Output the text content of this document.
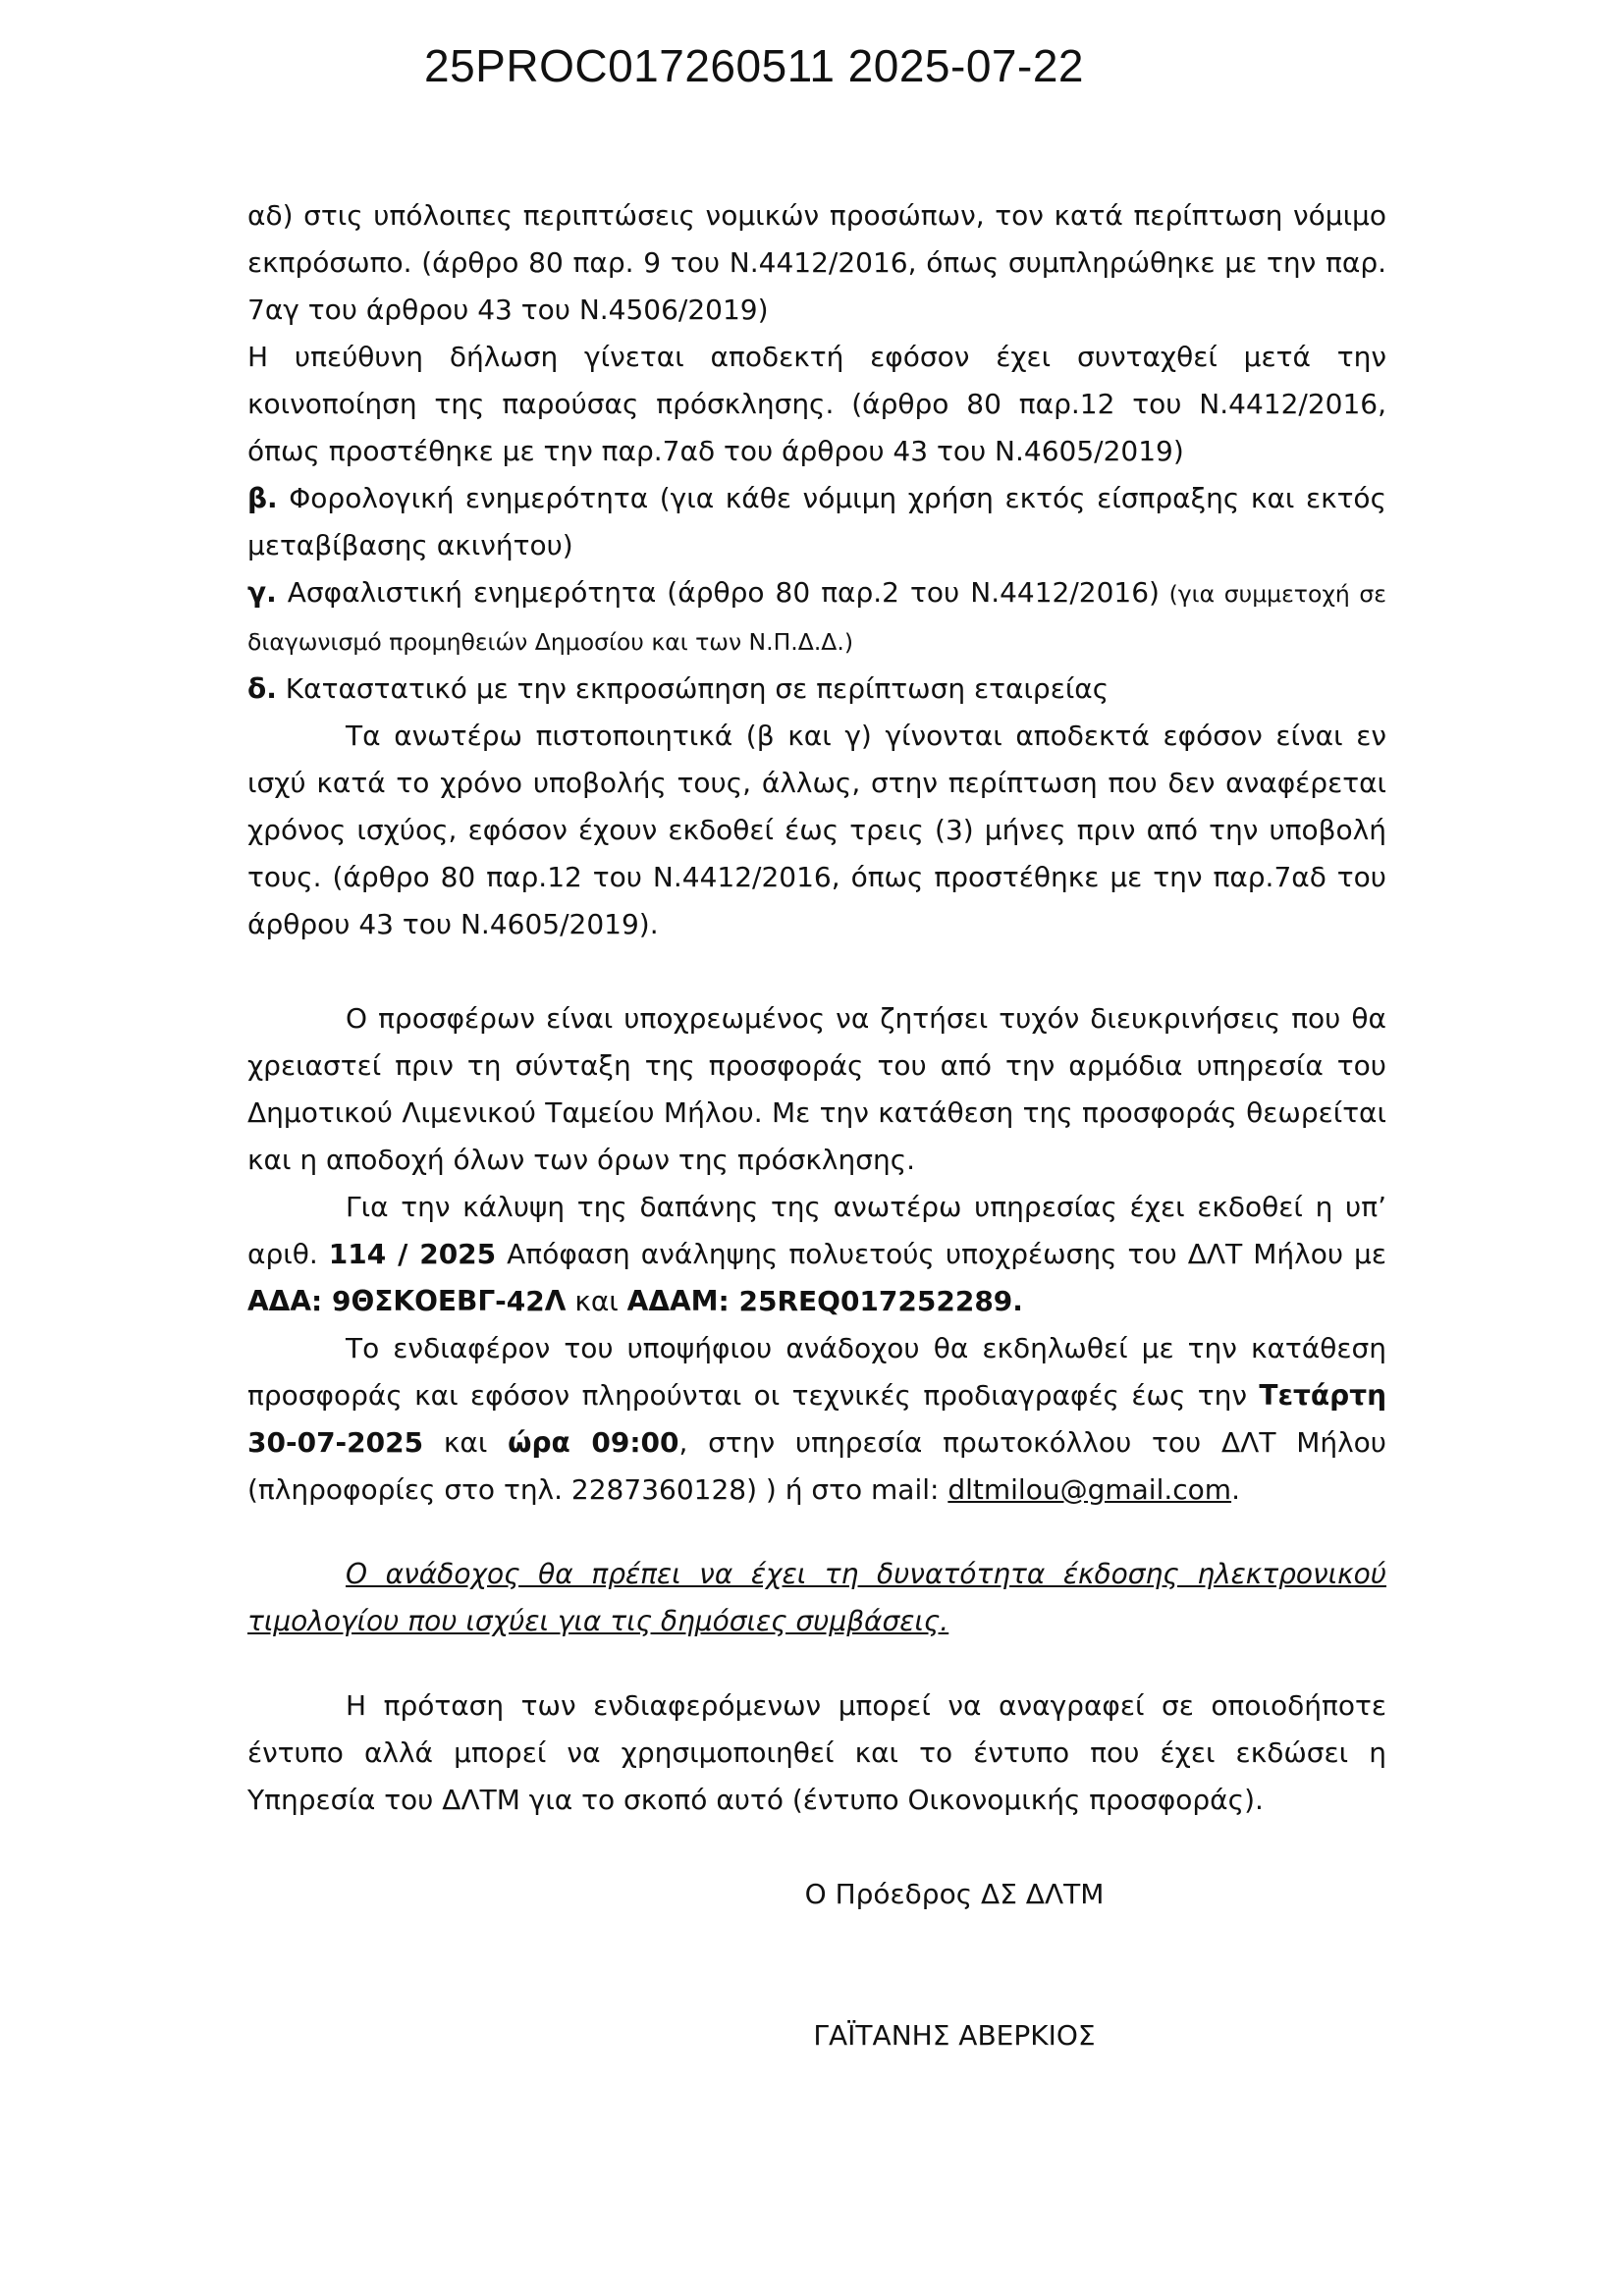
25PROC017260511 2025-07-22

αδ) στις υπόλοιπες περιπτώσεις νομικών προσώπων, τον κατά περίπτωση νόμιμο εκπρόσωπο. (άρθρο 80 παρ. 9 του Ν.4412/2016, όπως συμπληρώθηκε με την παρ. 7αγ του άρθρου 43 του Ν.4506/2019)

Η υπεύθυνη δήλωση γίνεται αποδεκτή εφόσον έχει συνταχθεί μετά την κοινοποίηση της παρούσας πρόσκλησης. (άρθρο 80 παρ.12 του Ν.4412/2016, όπως προστέθηκε με την παρ.7αδ του άρθρου 43 του Ν.4605/2019)

β. Φορολογική ενημερότητα (για κάθε νόμιμη χρήση εκτός είσπραξης και εκτός μεταβίβασης ακινήτου)

γ. Ασφαλιστική ενημερότητα (άρθρο 80 παρ.2 του Ν.4412/2016) (για συμμετοχή σε διαγωνισμό προμηθειών Δημοσίου και των Ν.Π.Δ.Δ.)

δ. Καταστατικό με την εκπροσώπηση σε περίπτωση εταιρείας

Τα ανωτέρω πιστοποιητικά (β και γ) γίνονται αποδεκτά εφόσον είναι εν ισχύ κατά το χρόνο υποβολής τους, άλλως, στην περίπτωση που δεν αναφέρεται χρόνος ισχύος, εφόσον έχουν εκδοθεί έως τρεις (3) μήνες πριν από την υποβολή τους. (άρθρο 80 παρ.12 του Ν.4412/2016, όπως προστέθηκε με την παρ.7αδ του άρθρου 43 του Ν.4605/2019).

Ο προσφέρων είναι υποχρεωμένος να ζητήσει τυχόν διευκρινήσεις που θα χρειαστεί πριν τη σύνταξη της προσφοράς του από την αρμόδια υπηρεσία του Δημοτικού Λιμενικού Ταμείου Μήλου. Με την κατάθεση της προσφοράς θεωρείται και η αποδοχή όλων των όρων της πρόσκλησης.

Για την κάλυψη της δαπάνης της ανωτέρω υπηρεσίας έχει εκδοθεί η υπ’ αριθ. 114 / 2025 Απόφαση ανάληψης πολυετούς υποχρέωσης του ΔΛΤ Μήλου με ΑΔΑ: 9ΘΣΚΟΕΒΓ-42Λ και ΑΔΑΜ: 25REQ017252289.

Το ενδιαφέρον του υποψήφιου ανάδοχου θα εκδηλωθεί με την κατάθεση προσφοράς και εφόσον πληρούνται οι τεχνικές προδιαγραφές έως την Τετάρτη 30-07-2025 και ώρα 09:00, στην υπηρεσία πρωτοκόλλου του ΔΛΤ Μήλου (πληροφορίες στο τηλ. 2287360128) ) ή στο mail: dltmilou@gmail.com.

Ο ανάδοχος θα πρέπει να έχει τη δυνατότητα έκδοσης ηλεκτρονικού τιμολογίου που ισχύει για τις δημόσιες συμβάσεις.

Η πρόταση των ενδιαφερόμενων μπορεί να αναγραφεί σε οποιοδήποτε έντυπο αλλά μπορεί να χρησιμοποιηθεί και το έντυπο που έχει εκδώσει η Υπηρεσία του ΔΛΤΜ για το σκοπό αυτό (έντυπο Οικονομικής προσφοράς).

Ο Πρόεδρος ΔΣ ΔΛΤΜ

ΓΑΪΤΑΝΗΣ ΑΒΕΡΚΙΟΣ
